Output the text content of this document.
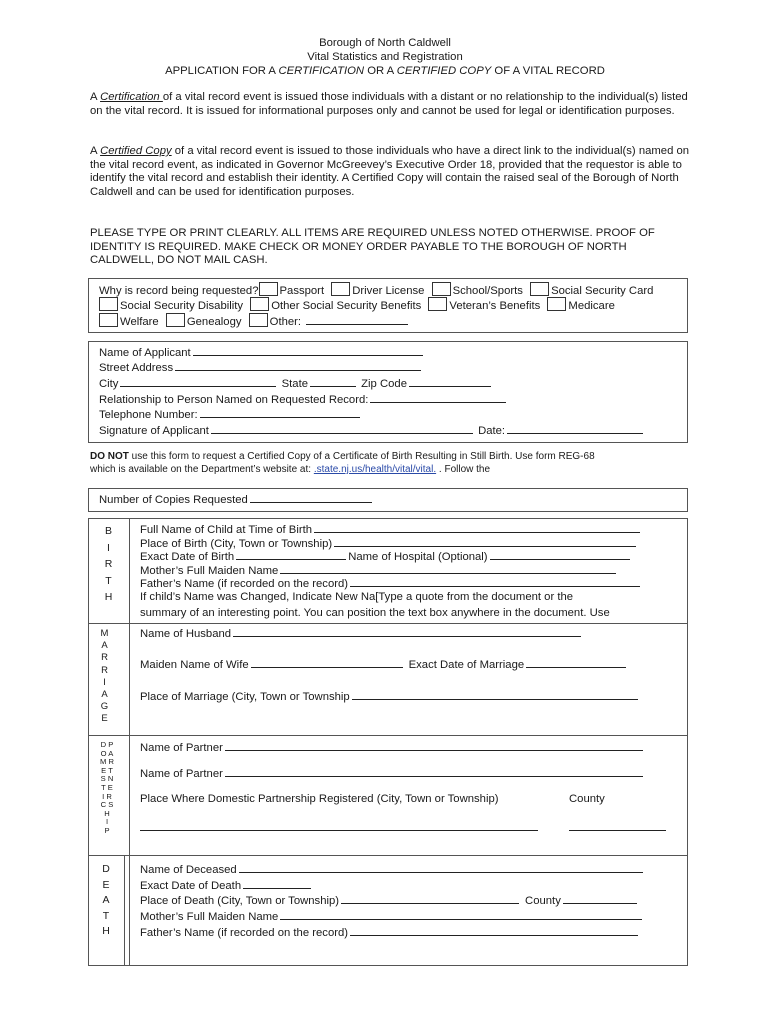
Borough of North Caldwell
Vital Statistics and Registration
APPLICATION FOR A CERTIFICATION OR A CERTIFIED COPY OF A VITAL RECORD
A Certification of a vital record event is issued those individuals with a distant or no relationship to the individual(s) listed on the vital record. It is issued for informational purposes only and cannot be used for legal or identification purposes.
A Certified Copy of a vital record event is issued to those individuals who have a direct link to the individual(s) named on the vital record event, as indicated in Governor McGreevey’s Executive Order 18, provided that the requestor is able to identify the vital record and establish their identity. A Certified Copy will contain the raised seal of the Borough of North Caldwell and can be used for identification purposes.
PLEASE TYPE OR PRINT CLEARLY. ALL ITEMS ARE REQUIRED UNLESS NOTED OTHERWISE. PROOF OF IDENTITY IS REQUIRED. MAKE CHECK OR MONEY ORDER PAYABLE TO THE BOROUGH OF NORTH CALDWELL, DO NOT MAIL CASH.
Why is record being requested? Passport Driver License School/Sports Social Security Card
Social Security Disability Other Social Security Benefits Veteran’s Benefits Medicare
Welfare Genealogy Other:
Name of Applicant
Street Address
City	State	Zip Code
Relationship to Person Named on Requested Record:
Telephone Number:
Signature of Applicant	Date:
DO NOT use this form to request a Certified Copy of a Certificate of Birth Resulting in Still Birth. Use form REG-68
which is available on the Department’s website at: .state.nj.us/health/vital/vital. . Follow the
Number of Copies Requested
B
I
R
T
H
Full Name of Child at Time of Birth
Place of Birth (City, Town or Township)
Exact Date of Birth	Name of Hospital (Optional)
Mother’s Full Maiden Name
Father’s Name (if recorded on the record)
If child’s Name was Changed, Indicate New Na[Type a quote from the document or the
summary of an interesting point. You can position the text box anywhere in the document. Use
M
A
R
R
I
A
G
E
Name of Husband
Maiden Name of Wife	Exact Date of Marriage
Place of Marriage (City, Town or Township
D P
O A
M R
E T
S N
T E
I R
C S
H
I
P
Name of Partner
Name of Partner
Place Where Domestic Partnership Registered (City, Town or Township)	County
D
E
A
T
H
Name of Deceased
Exact Date of Death
Place of Death (City, Town or Township)	County
Mother’s Full Maiden Name
Father’s Name (if recorded on the record)
